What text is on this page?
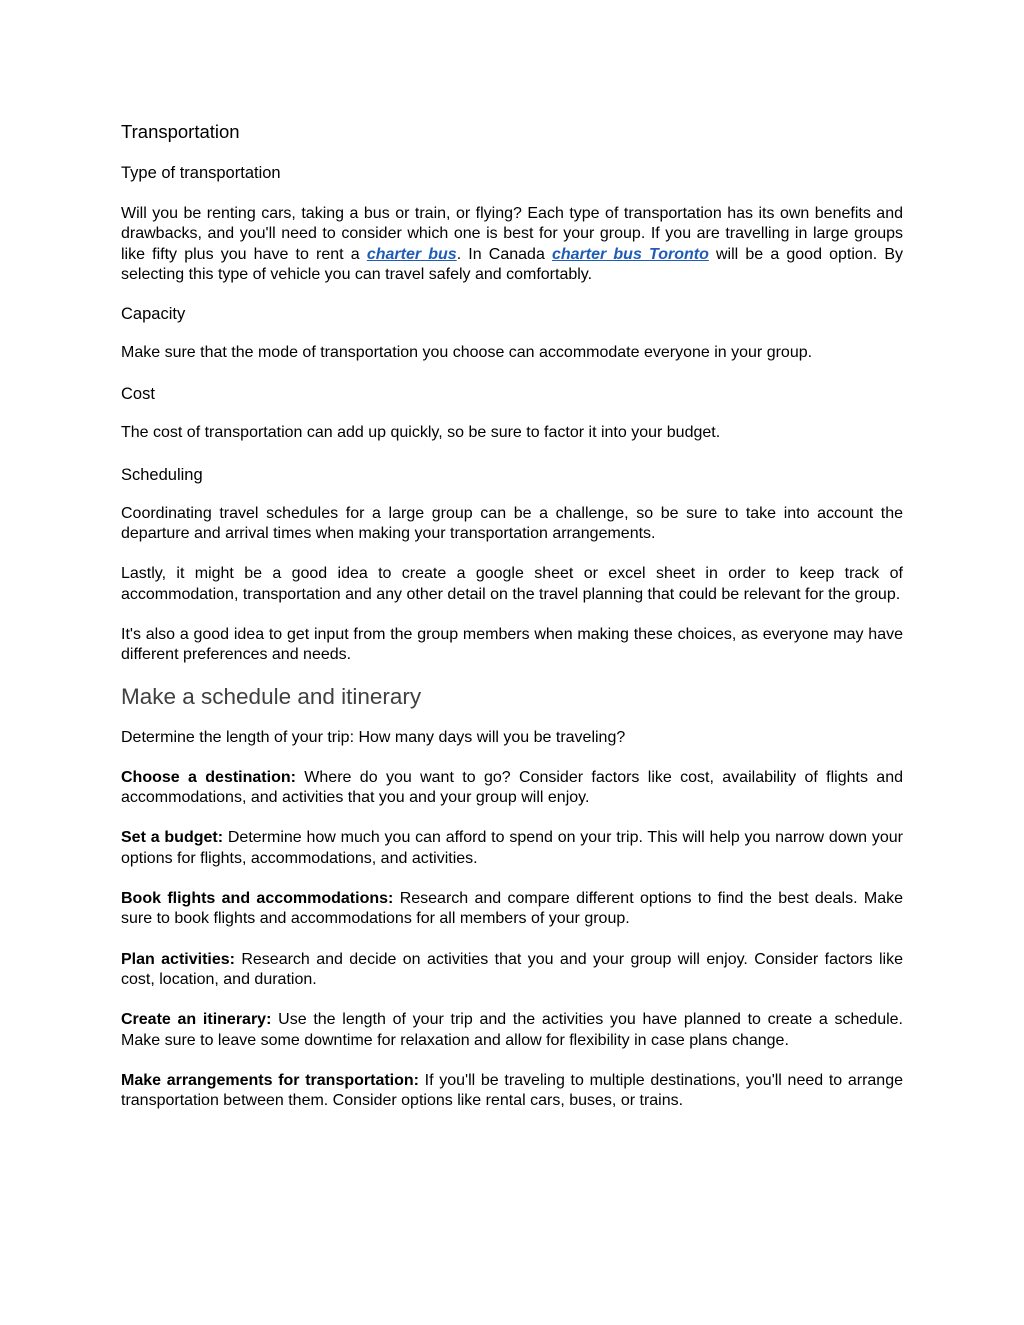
Transportation
Type of transportation

Will you be renting cars, taking a bus or train, or flying? Each type of transportation has its own benefits and drawbacks, and you'll need to consider which one is best for your group. If you are travelling in large groups like fifty plus you have to rent a charter bus. In Canada charter bus Toronto will be a good option. By selecting this type of vehicle you can travel safely and comfortably.

Capacity

Make sure that the mode of transportation you choose can accommodate everyone in your group.

Cost

The cost of transportation can add up quickly, so be sure to factor it into your budget.

Scheduling

Coordinating travel schedules for a large group can be a challenge, so be sure to take into account the departure and arrival times when making your transportation arrangements.

Lastly, it might be a good idea to create a google sheet or excel sheet in order to keep track of accommodation, transportation and any other detail on the travel planning that could be relevant for the group.

It's also a good idea to get input from the group members when making these choices, as everyone may have different preferences and needs.

Make a schedule and itinerary

Determine the length of your trip: How many days will you be traveling?

Choose a destination: Where do you want to go? Consider factors like cost, availability of flights and accommodations, and activities that you and your group will enjoy.

Set a budget: Determine how much you can afford to spend on your trip. This will help you narrow down your options for flights, accommodations, and activities.

Book flights and accommodations: Research and compare different options to find the best deals. Make sure to book flights and accommodations for all members of your group.

Plan activities: Research and decide on activities that you and your group will enjoy. Consider factors like cost, location, and duration.

Create an itinerary: Use the length of your trip and the activities you have planned to create a schedule. Make sure to leave some downtime for relaxation and allow for flexibility in case plans change.

Make arrangements for transportation: If you'll be traveling to multiple destinations, you'll need to arrange transportation between them. Consider options like rental cars, buses, or trains.
